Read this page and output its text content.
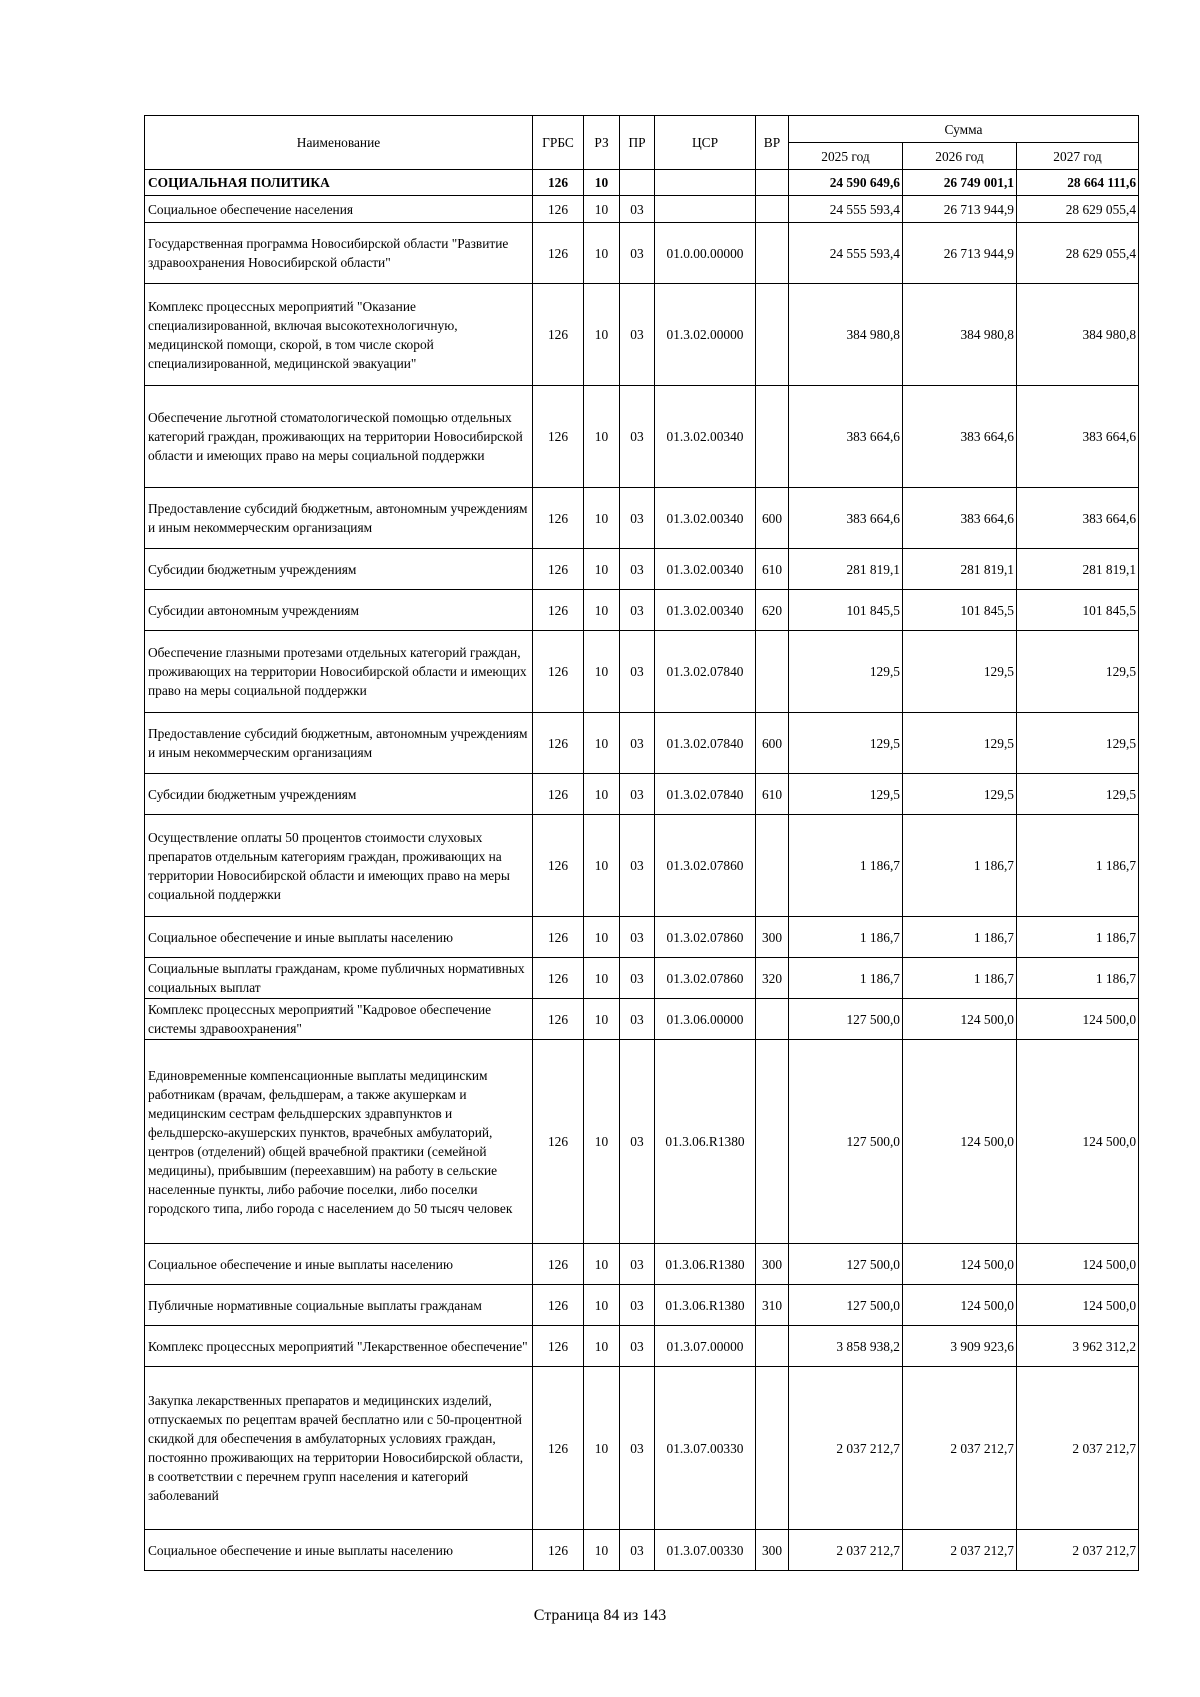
Наименование	ГРБС	РЗ	ПР	ЦСР	ВР	Сумма		
						2025 год	2026 год	2027 год
СОЦИАЛЬНАЯ ПОЛИТИКА	126	10				24 590 649,6	26 749 001,1	28 664 111,6
Социальное обеспечение населения	126	10	03			24 555 593,4	26 713 944,9	28 629 055,4
Государственная программа Новосибирской области "Развитие здравоохранения Новосибирской области"	126	10	03	01.0.00.00000		24 555 593,4	26 713 944,9	28 629 055,4
Комплекс процессных мероприятий "Оказание специализированной, включая высокотехнологичную, медицинской помощи, скорой, в том числе скорой специализированной, медицинской эвакуации"	126	10	03	01.3.02.00000		384 980,8	384 980,8	384 980,8
Обеспечение льготной стоматологической помощью отдельных категорий граждан, проживающих на территории Новосибирской области и имеющих право на меры социальной поддержки	126	10	03	01.3.02.00340		383 664,6	383 664,6	383 664,6
Предоставление субсидий бюджетным, автономным учреждениям и иным некоммерческим организациям	126	10	03	01.3.02.00340	600	383 664,6	383 664,6	383 664,6
Субсидии бюджетным учреждениям	126	10	03	01.3.02.00340	610	281 819,1	281 819,1	281 819,1
Субсидии автономным учреждениям	126	10	03	01.3.02.00340	620	101 845,5	101 845,5	101 845,5
Обеспечение глазными протезами отдельных категорий граждан, проживающих на территории Новосибирской области и имеющих право на меры социальной поддержки	126	10	03	01.3.02.07840		129,5	129,5	129,5
Предоставление субсидий бюджетным, автономным учреждениям и иным некоммерческим организациям	126	10	03	01.3.02.07840	600	129,5	129,5	129,5
Субсидии бюджетным учреждениям	126	10	03	01.3.02.07840	610	129,5	129,5	129,5
Осуществление оплаты 50 процентов стоимости слуховых препаратов отдельным категориям граждан, проживающих на территории Новосибирской области и имеющих право на меры социальной поддержки	126	10	03	01.3.02.07860		1 186,7	1 186,7	1 186,7
Социальное обеспечение и иные выплаты населению	126	10	03	01.3.02.07860	300	1 186,7	1 186,7	1 186,7
Социальные выплаты гражданам, кроме публичных нормативных социальных выплат	126	10	03	01.3.02.07860	320	1 186,7	1 186,7	1 186,7
Комплекс процессных мероприятий "Кадровое обеспечение системы здравоохранения"	126	10	03	01.3.06.00000		127 500,0	124 500,0	124 500,0
Единовременные компенсационные выплаты медицинским работникам (врачам, фельдшерам, а также акушеркам и медицинским сестрам фельдшерских здравпунктов и фельдшерско-акушерских пунктов, врачебных амбулаторий, центров (отделений) общей врачебной практики (семейной медицины), прибывшим (переехавшим) на работу в сельские населенные пункты, либо рабочие поселки, либо поселки городского типа, либо города с населением до 50 тысяч человек	126	10	03	01.3.06.R1380		127 500,0	124 500,0	124 500,0
Социальное обеспечение и иные выплаты населению	126	10	03	01.3.06.R1380	300	127 500,0	124 500,0	124 500,0
Публичные нормативные социальные выплаты гражданам	126	10	03	01.3.06.R1380	310	127 500,0	124 500,0	124 500,0
Комплекс процессных мероприятий "Лекарственное обеспечение"	126	10	03	01.3.07.00000		3 858 938,2	3 909 923,6	3 962 312,2
Закупка лекарственных препаратов и медицинских изделий, отпускаемых по рецептам врачей бесплатно или с 50-процентной скидкой для обеспечения в амбулаторных условиях граждан, постоянно проживающих на территории Новосибирской области, в соответствии с перечнем групп населения и категорий заболеваний	126	10	03	01.3.07.00330		2 037 212,7	2 037 212,7	2 037 212,7
Социальное обеспечение и иные выплаты населению	126	10	03	01.3.07.00330	300	2 037 212,7	2 037 212,7	2 037 212,7
Страница 84 из 143
